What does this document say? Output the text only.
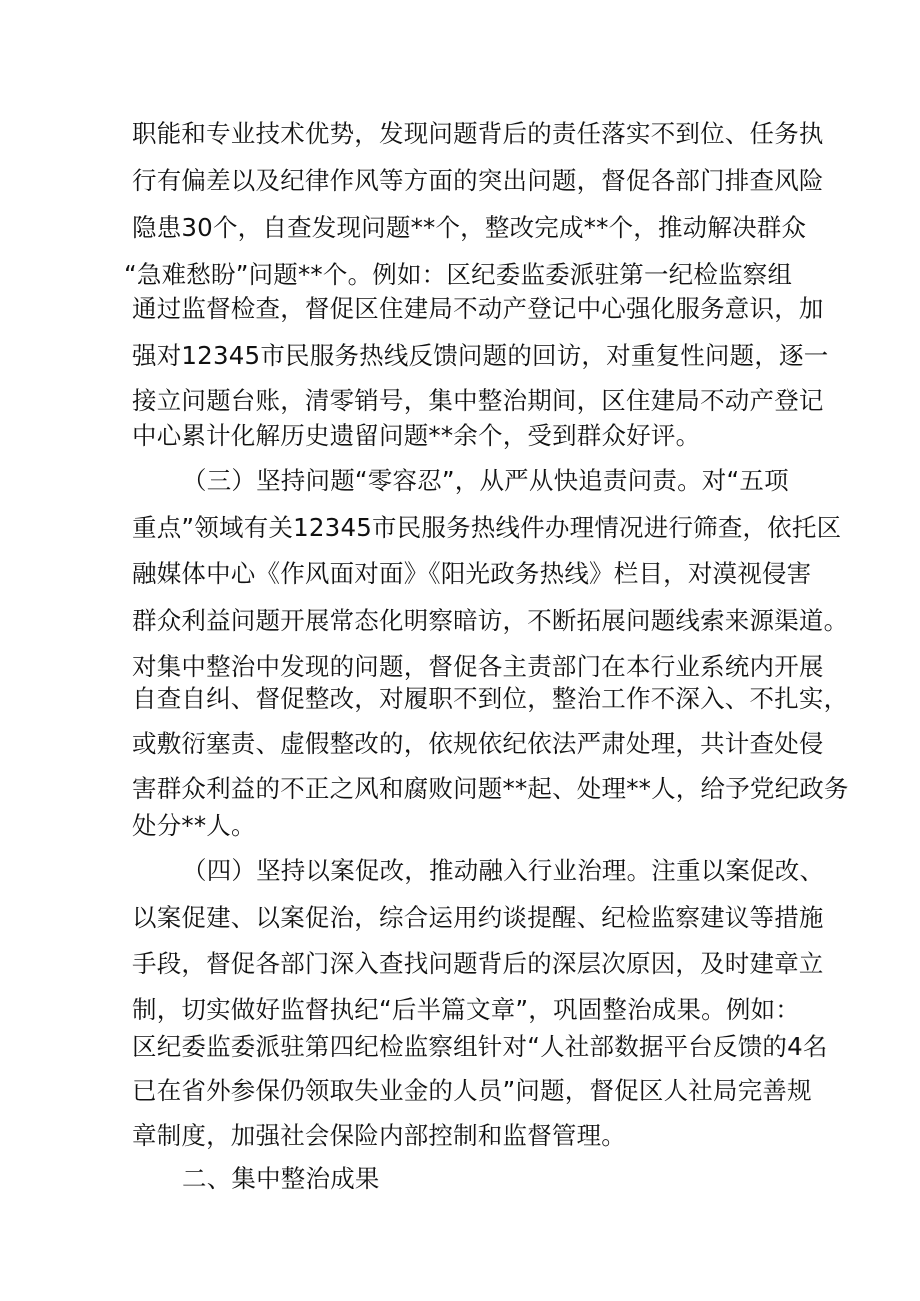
职能和专业技术优势，发现问题背后的责任落实不到位、任务执
行有偏差以及纪律作风等方面的突出问题，督促各部门排查风险
隐患30个，自查发现问题**个，整改完成**个，推动解决群众
“急难愁盼”问题**个。例如：区纪委监委派驻第一纪检监察组
通过监督检查，督促区住建局不动产登记中心强化服务意识，加
强对12345市民服务热线反馈问题的回访，对重复性问题，逐一
接立问题台账，清零销号，集中整治期间，区住建局不动产登记
中心累计化解历史遗留问题**余个，受到群众好评。
（三）坚持问题“零容忍”，从严从快追责问责。对“五项
重点”领域有关12345市民服务热线件办理情况进行筛查，依托区
融媒体中心《作风面对面》《阳光政务热线》栏目，对漠视侵害
群众利益问题开展常态化明察暗访，不断拓展问题线索来源渠道。
对集中整治中发现的问题，督促各主责部门在本行业系统内开展
自查自纠、督促整改，对履职不到位，整治工作不深入、不扎实，
或敷衍塞责、虚假整改的，依规依纪依法严肃处理，共计查处侵
害群众利益的不正之风和腐败问题**起、处理**人，给予党纪政务
处分**人。
（四）坚持以案促改，推动融入行业治理。注重以案促改、
以案促建、以案促治，综合运用约谈提醒、纪检监察建议等措施
手段，督促各部门深入查找问题背后的深层次原因，及时建章立
制，切实做好监督执纪“后半篇文章”，巩固整治成果。例如：
区纪委监委派驻第四纪检监察组针对“人社部数据平台反馈的4名
已在省外参保仍领取失业金的人员”问题，督促区人社局完善规
章制度，加强社会保险内部控制和监督管理。
二、集中整治成果
